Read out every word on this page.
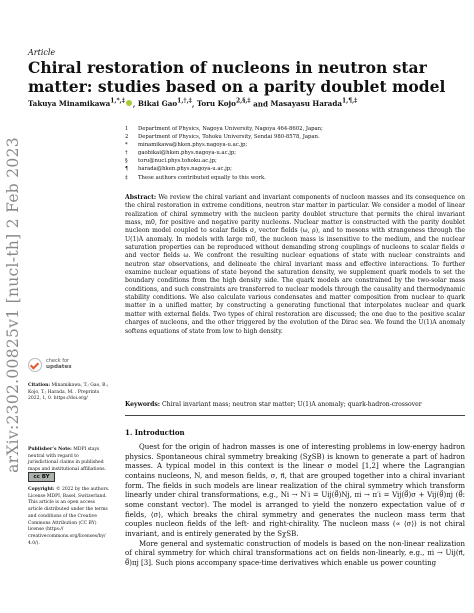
arXiv:2302.00825v1 [nucl-th] 2 Feb 2023
Article
Chiral restoration of nucleons in neutron star matter: studies based on a parity doublet model
Takuya Minamikawa$^{1,*,\ddagger}$ , Bikai Gao$^{1,\dagger,\ddagger}$, Toru Kojo$^{2,\S,\ddagger}$ and Masayasu Harada$^{1,\P,\ddagger}$
1	Department of Physics, Nagoya University, Nagoya 464-8602, Japan;
2	Department of Physics, Tohoku University, Sendai 980-8578, Japan.
*	minamikawa@hken.phys.nagoya-u.ac.jp;
†	gaobikai@hken.phys.nagoya-u.ac.jp;
§	toru@nucl.phys.tohoku.ac.jp;
¶	harada@hken.phys.nagoya-u.ac.jp;
‡	These authors contributed equally to this work.
Abstract: We review the chiral variant and invariant components of nucleon masses and its consequence on the chiral restoration in extreme conditions, neutron star matter in particular. We consider a model of linear realization of chiral symmetry with the nucleon parity doublet structure that permits the chiral invariant mass, m0, for positive and negative parity nucleons. Nuclear matter is constructed with the parity doublet nucleon model coupled to scalar fields σ, vector fields (ω, ρ), and to mesons with strangeness through the U(1)A anomaly. In models with large m0, the nucleon mass is insensitive to the medium, and the nuclear saturation properties can be reproduced without demanding strong couplings of nucleons to scalar fields σ and vector fields ω. We confront the resulting nuclear equations of state with nuclear constraints and neutron star observations, and delineate the chiral invariant mass and effective interactions. To further examine nuclear equations of state beyond the saturation density, we supplement quark models to set the boundary conditions from the high density side. The quark models are constrained by the two-solar mass conditions, and such constraints are transferred to nuclear models through the causality and thermodynamic stability conditions. We also calculate various condensates and matter composition from nuclear to quark matter in a unified matter, by constructing a generating functional that interpolates nuclear and quark matter with external fields. Two types of chiral restoration are discussed; the one due to the positive scalar charges of nucleons, and the other triggered by the evolution of the Dirac sea. We found the U(1)A anomaly softens equations of state from low to high density.
Keywords: Chiral invariant mass; neutron star matter; U(1)A anomaly; quark-hadron-crossover
check for
updates
Citation: Minamikawa, T.; Gao, B.; Kojo, T.; Harada, M. . Preprints 2022, 1, 0. https://doi.org/
Publisher’s Note: MDPI stays neutral with regard to jurisdictional claims in published maps and institutional affiliations.
cc BY
Copyright: © 2022 by the authors. License MDPI, Basel, Switzerland. This article is an open access article distributed under the terms and conditions of the Creative Commons Attribution (CC BY) license (https:// creativecommons.org/licenses/by/ 4.0/).
1. Introduction

Quest for the origin of hadron masses is one of interesting problems in low-energy hadron physics. Spontaneous chiral symmetry breaking (SχSB) is known to generate a part of hadron masses. A typical model in this context is the linear σ model [1,2] where the Lagrangian contains nucleons, N, and meson fields, σ, π⃗, that are grouped together into a chiral invariant form. The fields in such models are linear realization of the chiral symmetry which transform linearly under chiral transformations, e.g., Ni → N′i = Uij(θ⃗)Nj, πi → π′i = Vij(θ⃗)σ + Vij(θ⃗)πj (θ⃗: some constant vector). The model is arranged to yield the nonzero expectation value of σ fields, ⟨σ⟩, which breaks the chiral symmetry and generates the nucleon mass term that couples nucleon fields of the left- and right-chirality. The nucleon mass (∝ ⟨σ⟩) is not chiral invariant, and is entirely generated by the SχSB.

More general and systematic construction of models is based on the non-linear realization of chiral symmetry for which chiral transformations act on fields non-linearly, e.g., πi → Uij(π⃗, θ⃗)πj [3]. Such pions accompany space-time derivatives which enable us power counting
